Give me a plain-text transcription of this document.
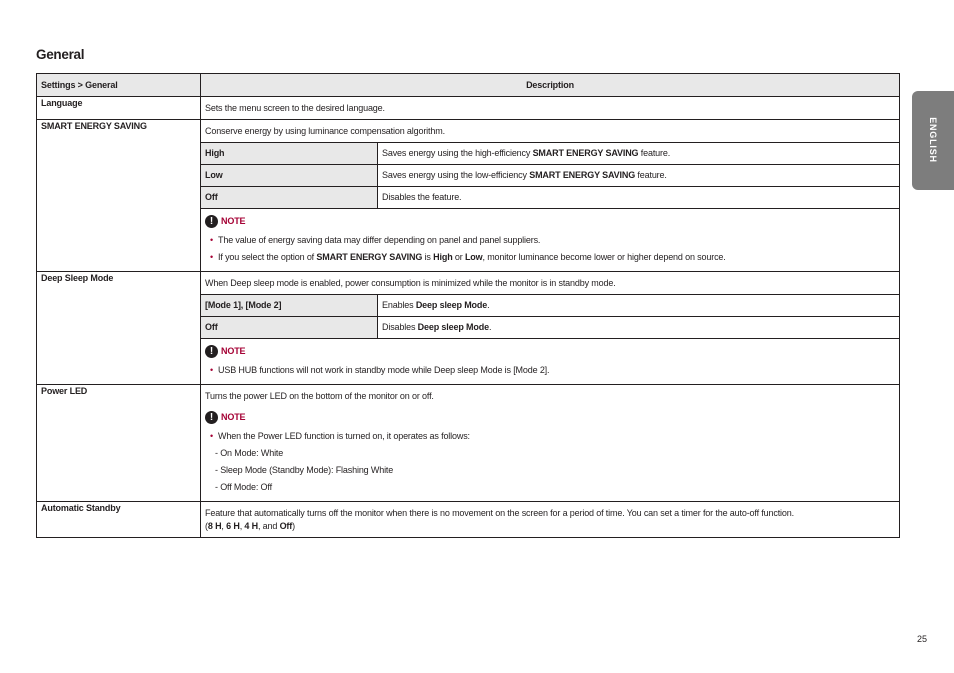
General
ENGLISH
Settings > General	Description
Language	Sets the menu screen to the desired language.

SMART ENERGY SAVING	Conserve energy by using luminance compensation algorithm.
High	Saves energy using the high-efficiency SMART ENERGY SAVING feature.
Low	Saves energy using the low-efficiency SMART ENERGY SAVING feature.
Off	Disables the feature.
! NOTE
• The value of energy saving data may differ depending on panel and panel suppliers.
• If you select the option of SMART ENERGY SAVING is High or Low, monitor luminance become lower or higher depend on source.

Deep Sleep Mode	When Deep sleep mode is enabled, power consumption is minimized while the monitor is in standby mode.
[Mode 1], [Mode 2]	Enables Deep sleep Mode.
Off	Disables Deep sleep Mode.
! NOTE
• USB HUB functions will not work in standby mode while Deep sleep Mode is [Mode 2].

Power LED	Turns the power LED on the bottom of the monitor on or off.
! NOTE
• When the Power LED function is turned on, it operates as follows:
- On Mode: White
- Sleep Mode (Standby Mode): Flashing White
- Off Mode: Off

Automatic Standby	Feature that automatically turns off the monitor when there is no movement on the screen for a period of time. You can set a timer for the auto-off function.
(8 H, 6 H, 4 H, and Off)
25
